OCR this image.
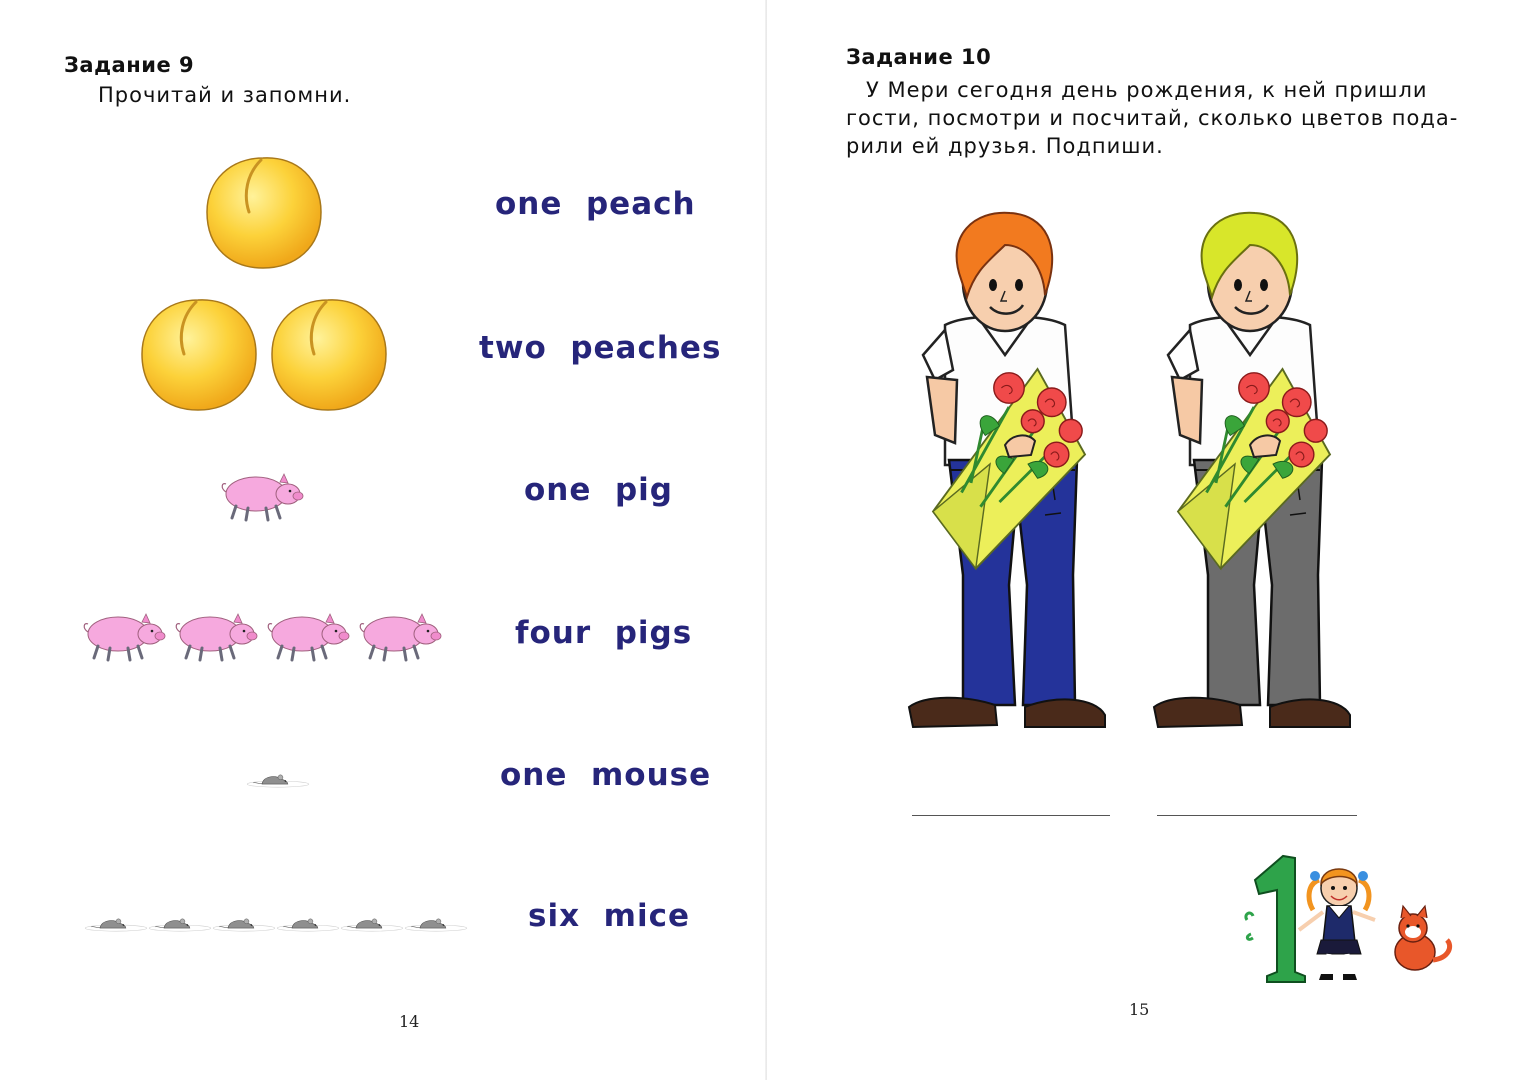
Задание 9
Прочитай и запомни.
one  peach
two  peaches
one  pig
four  pigs
one  mouse
six  mice
14
Задание 10
У Мери сегодня день рождения, к ней пришли
гости, посмотри и посчитай, сколько цветов пода-
рили ей друзья. Подпиши.
15
